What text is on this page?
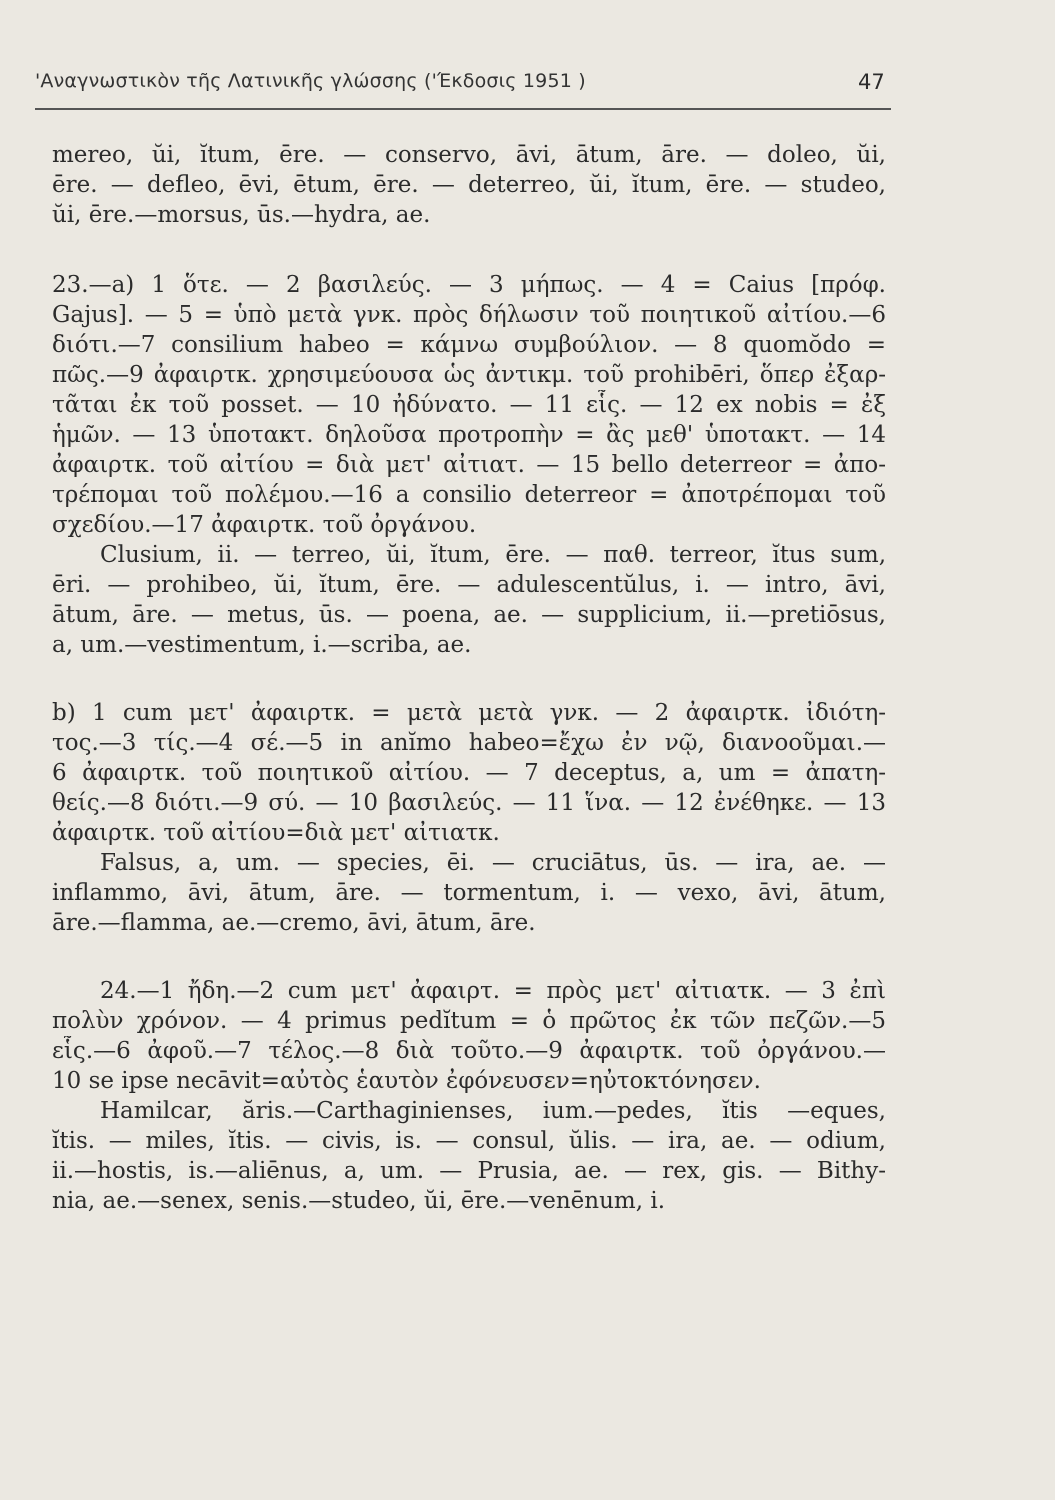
'Αναγνωστικὸν τῆς Λατινικῆς γλώσσης ('Έκδοσις 1951 )	47
mereo, ŭi, ĭtum, ēre. — conservo, āvi, ātum, āre. — doleo, ŭi,
ēre. — defleo, ēvi, ētum, ēre. — deterreo, ŭi, ĭtum, ēre. — studeo,
ŭi, ēre.—morsus, ūs.—hydra, ae.
23.—a) 1 ὅτε. — 2 βασιλεύς. — 3 μήπως. — 4 = Caius [πρόφ.
Gajus]. — 5 = ὑπὸ μετὰ γνκ. πρὸς δήλωσιν τοῦ ποιητικοῦ αἰτίου.—6
διότι.—7 consilium habeo = κάμνω συμβούλιον. — 8 quomŏdo =
πῶς.—9 ἀφαιρτκ. χρησιμεύουσα ὡς ἀντικμ. τοῦ prohibēri, ὅπερ ἐξαρ-
τᾶται ἐκ τοῦ posset. — 10 ἠδύνατο. — 11 εἷς. — 12 ex nobis = ἐξ
ἡμῶν. — 13 ὑποτακτ. δηλοῦσα προτροπὴν = ἂς μεθ' ὑποτακτ. — 14
ἀφαιρτκ. τοῦ αἰτίου = διὰ μετ' αἰτιατ. — 15 bello deterreor = ἀπο-
τρέπομαι τοῦ πολέμου.—16 a consilio deterreor = ἀποτρέπομαι τοῦ
σχεδίου.—17 ἀφαιρτκ. τοῦ ὀργάνου.
Clusium, ii. — terreo, ŭi, ĭtum, ēre. — παθ. terreor, ĭtus sum,
ēri. — prohibeo, ŭi, ĭtum, ēre. — adulescentŭlus, i. — intro, āvi,
ātum, āre. — metus, ūs. — poena, ae. — supplicium, ii.—pretiōsus,
a, um.—vestimentum, i.—scriba, ae.
b) 1 cum μετ' ἀφαιρτκ. = μετὰ μετὰ γνκ. — 2 ἀφαιρτκ. ἰδιότη-
τος.—3 τίς.—4 σέ.—5 in anĭmo habeo=ἔχω ἐν νῷ, διανοοῦμαι.—
6 ἀφαιρτκ. τοῦ ποιητικοῦ αἰτίου. — 7 deceptus, a, um = ἀπατη-
θείς.—8 διότι.—9 σύ. — 10 βασιλεύς. — 11 ἵνα. — 12 ἐνέθηκε. — 13
ἀφαιρτκ. τοῦ αἰτίου=διὰ μετ' αἰτιατκ.
Falsus, a, um. — species, ēi. — cruciātus, ūs. — ira, ae. —
inflammo, āvi, ātum, āre. — tormentum, i. — vexo, āvi, ātum,
āre.—flamma, ae.—cremo, āvi, ātum, āre.
24.—1 ἤδη.—2 cum μετ' ἀφαιρτ. = πρὸς μετ' αἰτιατκ. — 3 ἐπὶ
πολὺν χρόνον. — 4 primus pedĭtum = ὁ πρῶτος ἐκ τῶν πεζῶν.—5
εἷς.—6 ἀφοῦ.—7 τέλος.—8 διὰ τοῦτο.—9 ἀφαιρτκ. τοῦ ὀργάνου.—
10 se ipse necāvit=αὐτὸς ἑαυτὸν ἐφόνευσεν=ηὐτοκτόνησεν.
Hamilcar, ăris.—Carthaginienses, ium.—pedes, ĭtis —eques,
ĭtis. — miles, ĭtis. — civis, is. — consul, ŭlis. — ira, ae. — odium,
ii.—hostis, is.—aliēnus, a, um. — Prusia, ae. — rex, gis. — Bithy-
nia, ae.—senex, senis.—studeo, ŭi, ēre.—venēnum, i.
